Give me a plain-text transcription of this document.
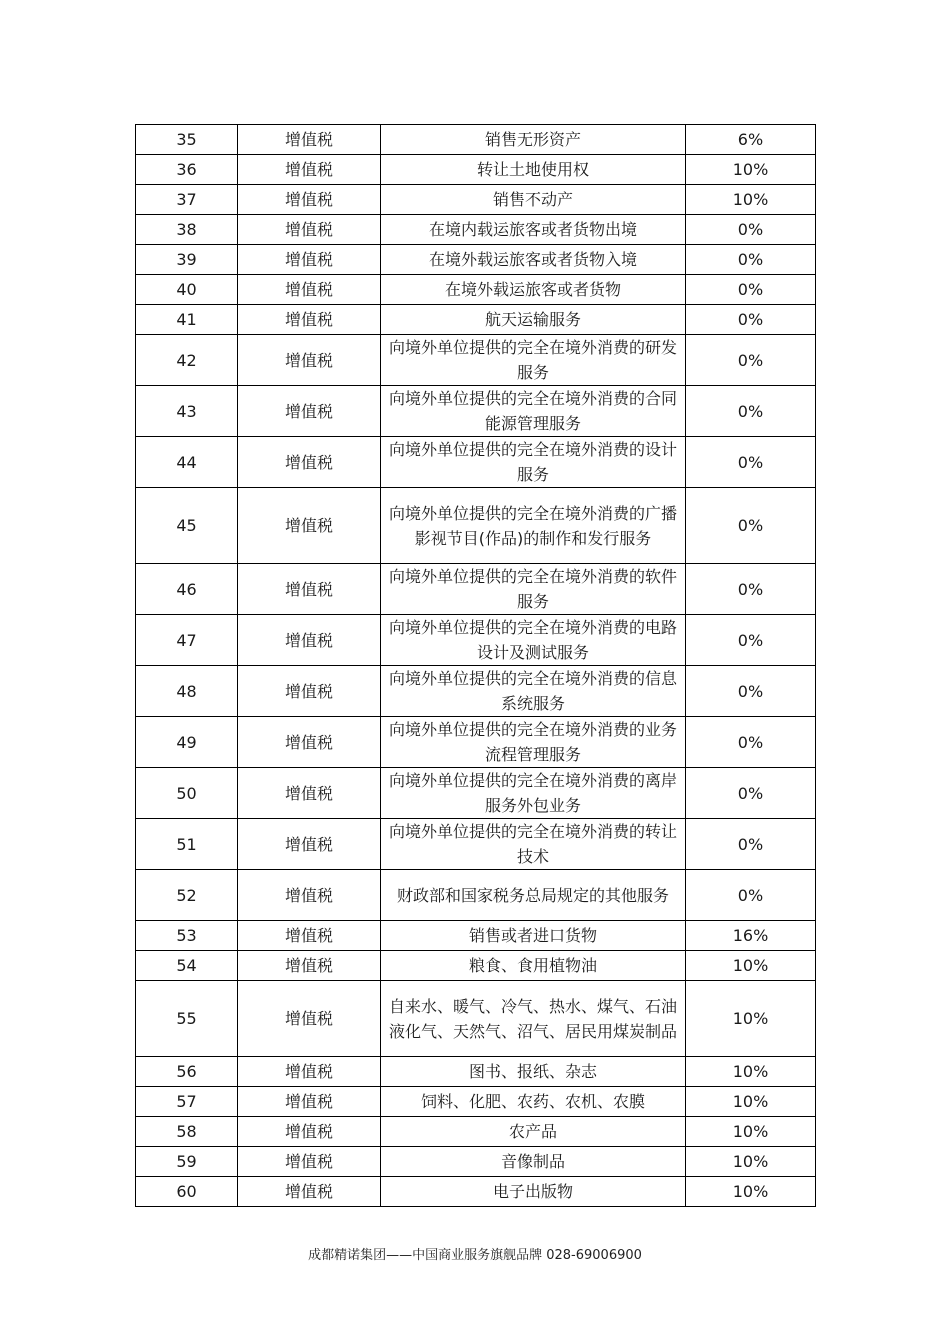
35	增值税	销售无形资产	6%
36	增值税	转让土地使用权	10%
37	增值税	销售不动产	10%
38	增值税	在境内载运旅客或者货物出境	0%
39	增值税	在境外载运旅客或者货物入境	0%
40	增值税	在境外载运旅客或者货物	0%
41	增值税	航天运输服务	0%
42	增值税	向境外单位提供的完全在境外消费的研发服务	0%
43	增值税	向境外单位提供的完全在境外消费的合同能源管理服务	0%
44	增值税	向境外单位提供的完全在境外消费的设计服务	0%
45	增值税	向境外单位提供的完全在境外消费的广播影视节目(作品)的制作和发行服务	0%
46	增值税	向境外单位提供的完全在境外消费的软件服务	0%
47	增值税	向境外单位提供的完全在境外消费的电路设计及测试服务	0%
48	增值税	向境外单位提供的完全在境外消费的信息系统服务	0%
49	增值税	向境外单位提供的完全在境外消费的业务流程管理服务	0%
50	增值税	向境外单位提供的完全在境外消费的离岸服务外包业务	0%
51	增值税	向境外单位提供的完全在境外消费的转让技术	0%
52	增值税	财政部和国家税务总局规定的其他服务	0%
53	增值税	销售或者进口货物	16%
54	增值税	粮食、食用植物油	10%
55	增值税	自来水、暖气、冷气、热水、煤气、石油液化气、天然气、沼气、居民用煤炭制品	10%
56	增值税	图书、报纸、杂志	10%
57	增值税	饲料、化肥、农药、农机、农膜	10%
58	增值税	农产品	10%
59	增值税	音像制品	10%
60	增值税	电子出版物	10%
成都精诺集团——中国商业服务旗舰品牌 028-69006900
